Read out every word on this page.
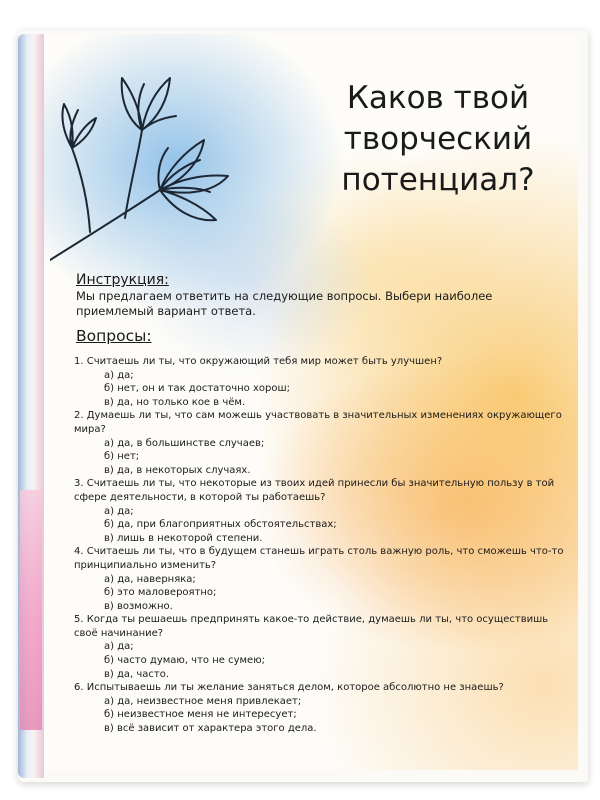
Каков твой
творческий
потенциал?
Инструкция:
Мы предлагаем ответить на следующие вопросы. Выбери наиболее приемлемый вариант ответа.
Вопросы:
1. Считаешь ли ты, что окружающий тебя мир может быть улучшен?
а) да;
б) нет, он и так достаточно хорош;
в) да, но только кое в чём.
2. Думаешь ли ты, что сам можешь участвовать в значительных изменениях окружающего мира?
а) да, в большинстве случаев;
б) нет;
в) да, в некоторых случаях.
3. Считаешь ли ты, что некоторые из твоих идей принесли бы значительную пользу в той сфере деятельности, в которой ты работаешь?
а) да;
б) да, при благоприятных обстоятельствах;
в) лишь в некоторой степени.
4. Считаешь ли ты, что в будущем станешь играть столь важную роль, что сможешь что-то принципиально изменить?
а) да, наверняка;
б) это маловероятно;
в) возможно.
5. Когда ты решаешь предпринять какое-то действие, думаешь ли ты, что осуществишь своё начинание?
а) да;
б) часто думаю, что не сумею;
в) да, часто.
6. Испытываешь ли ты желание заняться делом, которое абсолютно не знаешь?
а) да, неизвестное меня привлекает;
б) неизвестное меня не интересует;
в) всё зависит от характера этого дела.
